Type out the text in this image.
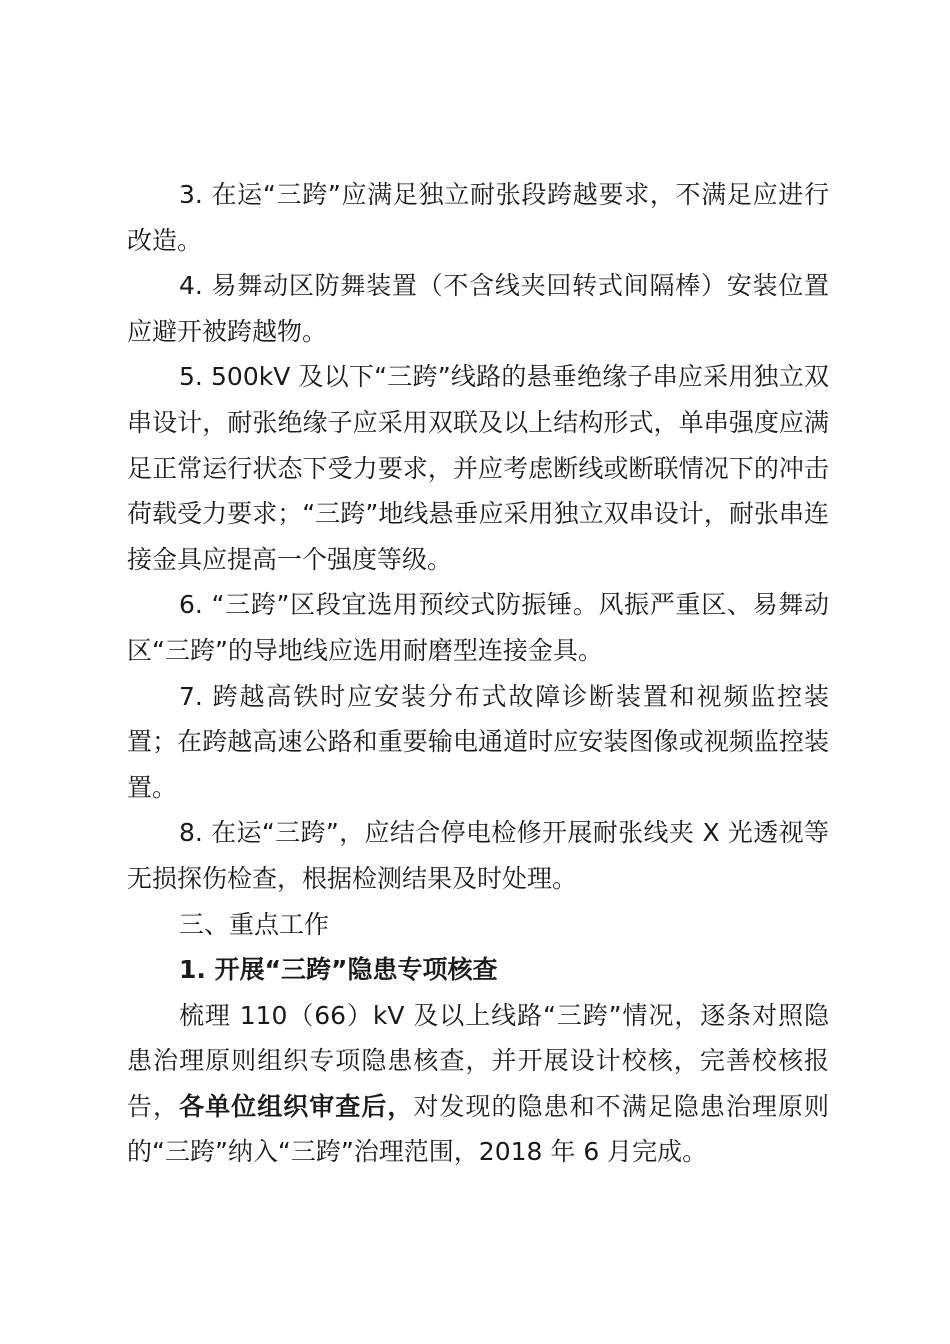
3. 在运“三跨”应满足独立耐张段跨越要求，不满足应进行改造。

4. 易舞动区防舞装置（不含线夹回转式间隔棒）安装位置应避开被跨越物。

5. 500kV 及以下“三跨”线路的悬垂绝缘子串应采用独立双串设计，耐张绝缘子应采用双联及以上结构形式，单串强度应满足正常运行状态下受力要求，并应考虑断线或断联情况下的冲击荷载受力要求；“三跨”地线悬垂应采用独立双串设计，耐张串连接金具应提高一个强度等级。

6. “三跨”区段宜选用预绞式防振锤。风振严重区、易舞动区“三跨”的导地线应选用耐磨型连接金具。

7. 跨越高铁时应安装分布式故障诊断装置和视频监控装置；在跨越高速公路和重要输电通道时应安装图像或视频监控装置。

8. 在运“三跨”，应结合停电检修开展耐张线夹 X 光透视等无损探伤检查，根据检测结果及时处理。

三、重点工作

1. 开展“三跨”隐患专项核查

梳理 110（66）kV 及以上线路“三跨”情况，逐条对照隐患治理原则组织专项隐患核查，并开展设计校核，完善校核报告，各单位组织审查后，对发现的隐患和不满足隐患治理原则的“三跨”纳入“三跨”治理范围，2018 年 6 月完成。
